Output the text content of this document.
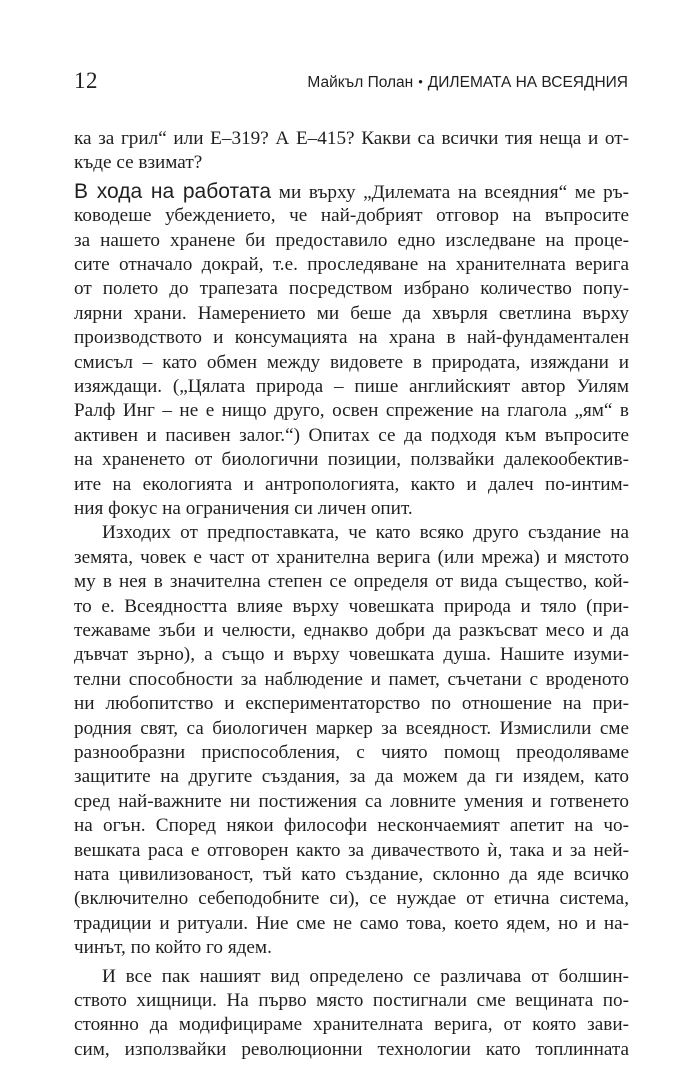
12	Майкъл Полан • ДИЛЕМАТА НА ВСЕЯДНИЯ
ка за грил“ или Е–319? А Е–415? Какви са всички тия неща и от-
къде се взимат?
В хода на работата ми върху „Дилемата на всеядния“ ме ръ-
ководеше убеждението, че най-добрият отговор на въпросите
за нашето хранене би предоставило едно изследване на проце-
сите отначало докрай, т.е. проследяване на хранителната верига
от полето до трапезата посредством избрано количество попу-
лярни храни. Намерението ми беше да хвърля светлина върху
производството и консумацията на храна в най-фундаментален
смисъл – като обмен между видовете в природата, изяждани и
изяждащи. („Цялата природа – пише английският автор Уилям
Ралф Инг – не е нищо друго, освен спрежение на глагола „ям“ в
активен и пасивен залог.“) Опитах се да подходя към въпросите
на храненето от биологични позиции, ползвайки далекообектив-
ите на екологията и антропологията, както и далеч по-интим-
ния фокус на ограничения си личен опит.
Изходих от предпоставката, че като всяко друго създание на
земята, човек е част от хранителна верига (или мрежа) и мястото
му в нея в значителна степен се определя от вида същество, кой-
то е. Всеядността влияе върху човешката природа и тяло (при-
тежаваме зъби и челюсти, еднакво добри да разкъсват месо и да
дъвчат зърно), а също и върху човешката душа. Нашите изуми-
телни способности за наблюдение и памет, съчетани с вроденото
ни любопитство и експериментаторство по отношение на при-
родния свят, са биологичен маркер за всеядност. Измислили сме
разнообразни приспособления, с чиято помощ преодоляваме
защитите на другите създания, за да можем да ги изядем, като
сред най-важните ни постижения са ловните умения и готвенето
на огън. Според някои философи нескончаемият апетит на чо-
вешката раса е отговорен както за дивачеството ѝ, така и за ней-
ната цивилизованост, тъй като създание, склонно да яде всичко
(включително себеподобните си), се нуждае от етична система,
традиции и ритуали. Ние сме не само това, което ядем, но и на-
чинът, по който го ядем.
И все пак нашият вид определено се различава от болшин-
ството хищници. На първо място постигнали сме вещината по-
стоянно да модифицираме хранителната верига, от която зави-
сим, използвайки революционни технологии като топлинната
